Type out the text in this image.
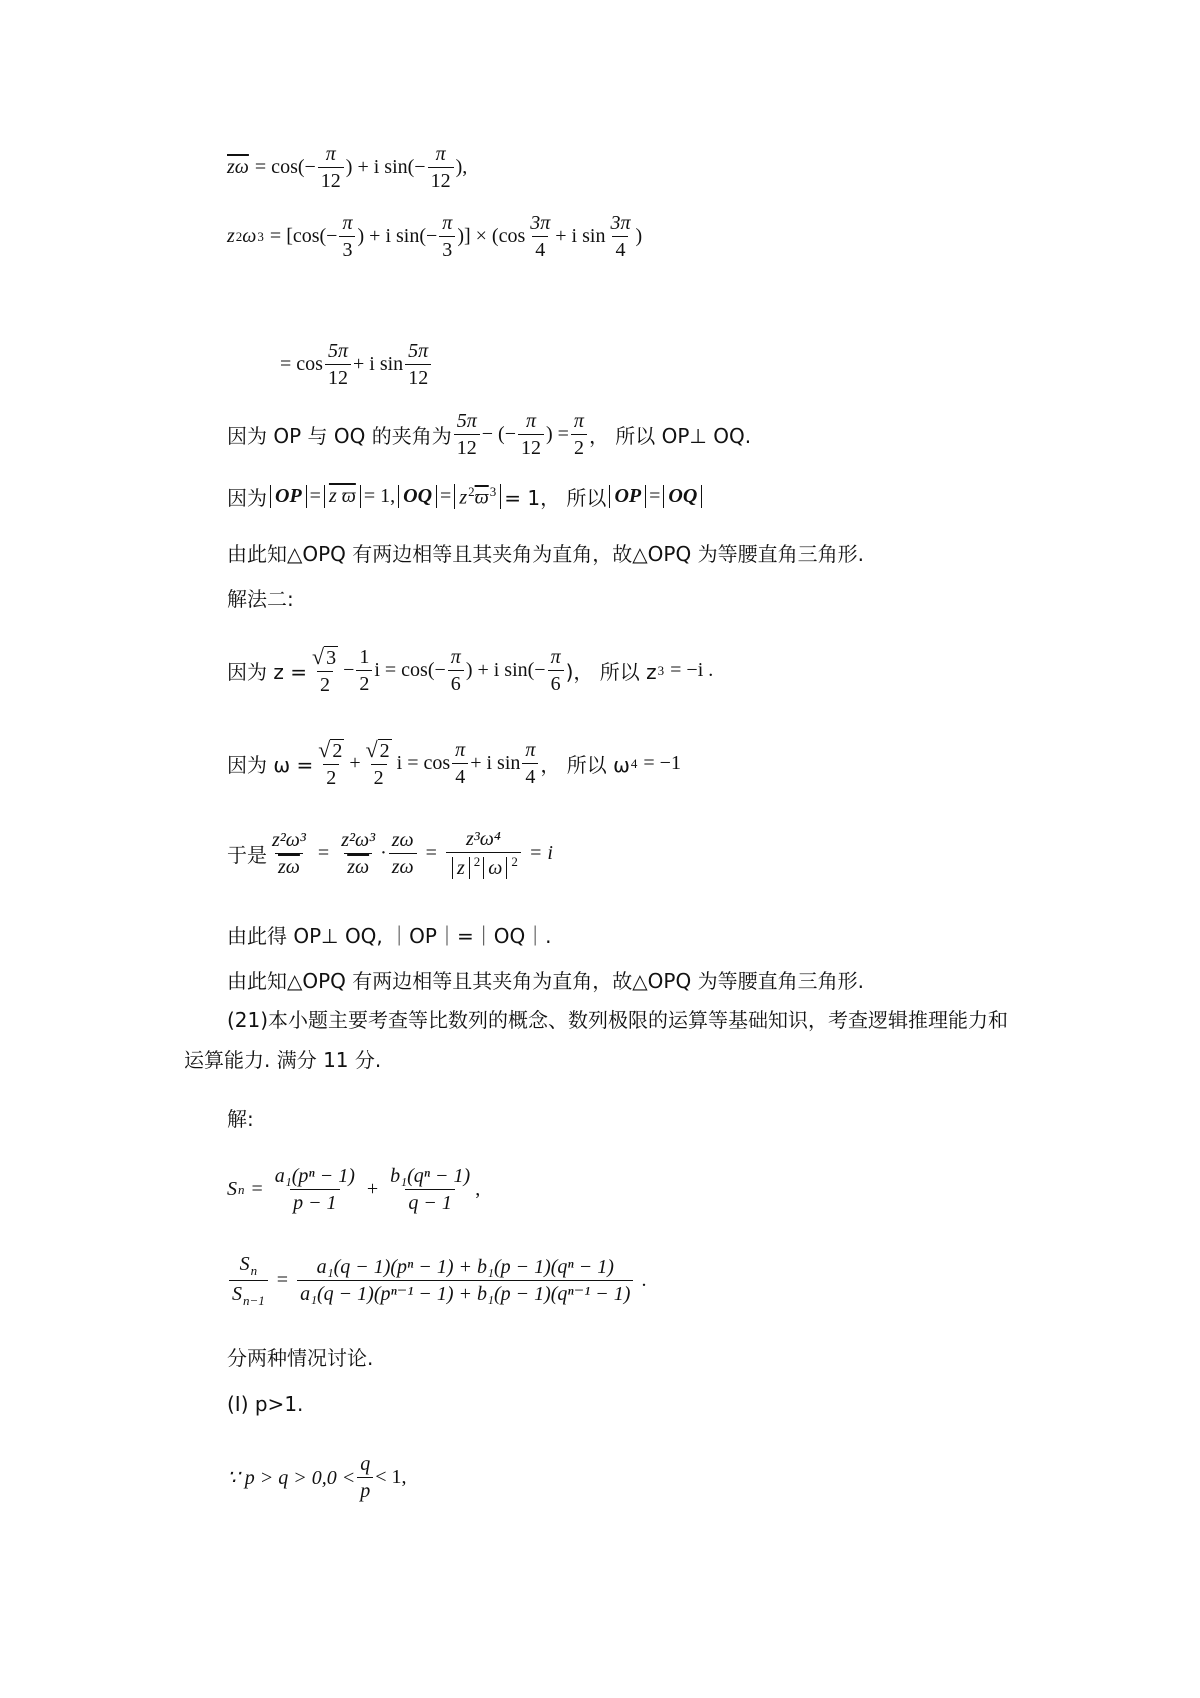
$\overline{z\omega} = \cos(- \frac{\pi}{12}$ ) + i $\sin(- \frac{\pi}{12}$ ),
z 2 ω $3 = [\cos(- \frac{\pi}{3}$ ) + i $\sin(- \frac{\pi}{3}$ )] × ($\cos \frac{3\pi}{4} + i$ $\sin \frac{3\pi}{4}$ )
= $\cos \frac{5\pi}{12} + i$ $\sin \frac{5\pi}{12}$
因为 OP 与 OQ 的夹角为 $\frac{5\pi}{12}$ − (− $\frac{\pi}{12}$ ) = $\frac{\pi}{2}$ ， 所以 OP⊥ OQ.
因为 OP = z ϖ = 1, OQ = $z^2\overline{ϖ}^3 = 1$， 所以 OP = OQ
由此知△OPQ 有两边相等且其夹角为直角，故△OPQ 为等腰直角三角形.
解法二:
因为 $z = \frac{√ 3}{2} - \frac{1}{2}$ $i = \cos(- \frac{\pi}{6}$ ) + i $\sin(- \frac{\pi}{6}$ )， 所以 z 3 = −i .
因为 $\omega = \frac{√ 2}{2} + \frac{√ 2}{2}$ $i = \cos \frac{\pi}{4} + i$ $\sin \frac{\pi}{4}$ ， 所以 ω 4 = −1
于是 $\frac{\text{z²ω³}}{z\omega} = \frac{\text{z²ω³}}{z\omega} \cdot \frac{z\omega}{z\omega} = \frac{\text{z³ω⁴}}{z ^2 \omega ^2} = i$
由此得 OP⊥ OQ, ｜OP｜=｜OQ｜.
由此知△OPQ 有两边相等且其夹角为直角，故△OPQ 为等腰直角三角形.
(21)本小题主要考查等比数列的概念、数列极限的运算等基础知识，考查逻辑推理能力和运算能力. 满分 11 分.
解:
S $n = \frac{\text{a₁(pⁿ − 1)}}{p - 1} + \frac{\text{b₁(qⁿ − 1)}}{q - 1}$ ,
$\frac{S_n}{S_{n-1}} = \frac{\text{a₁(q − 1)(pⁿ − 1) + b₁(p − 1)(qⁿ − 1)}}{\text{a₁(q − 1)(pⁿ⁻¹ − 1) + b₁(p − 1)(qⁿ⁻¹ − 1)}}$ .
分两种情况讨论.
(Ⅰ) p>1.
∵ $p > q > 0,0 < \frac{q}{p} < 1$,
